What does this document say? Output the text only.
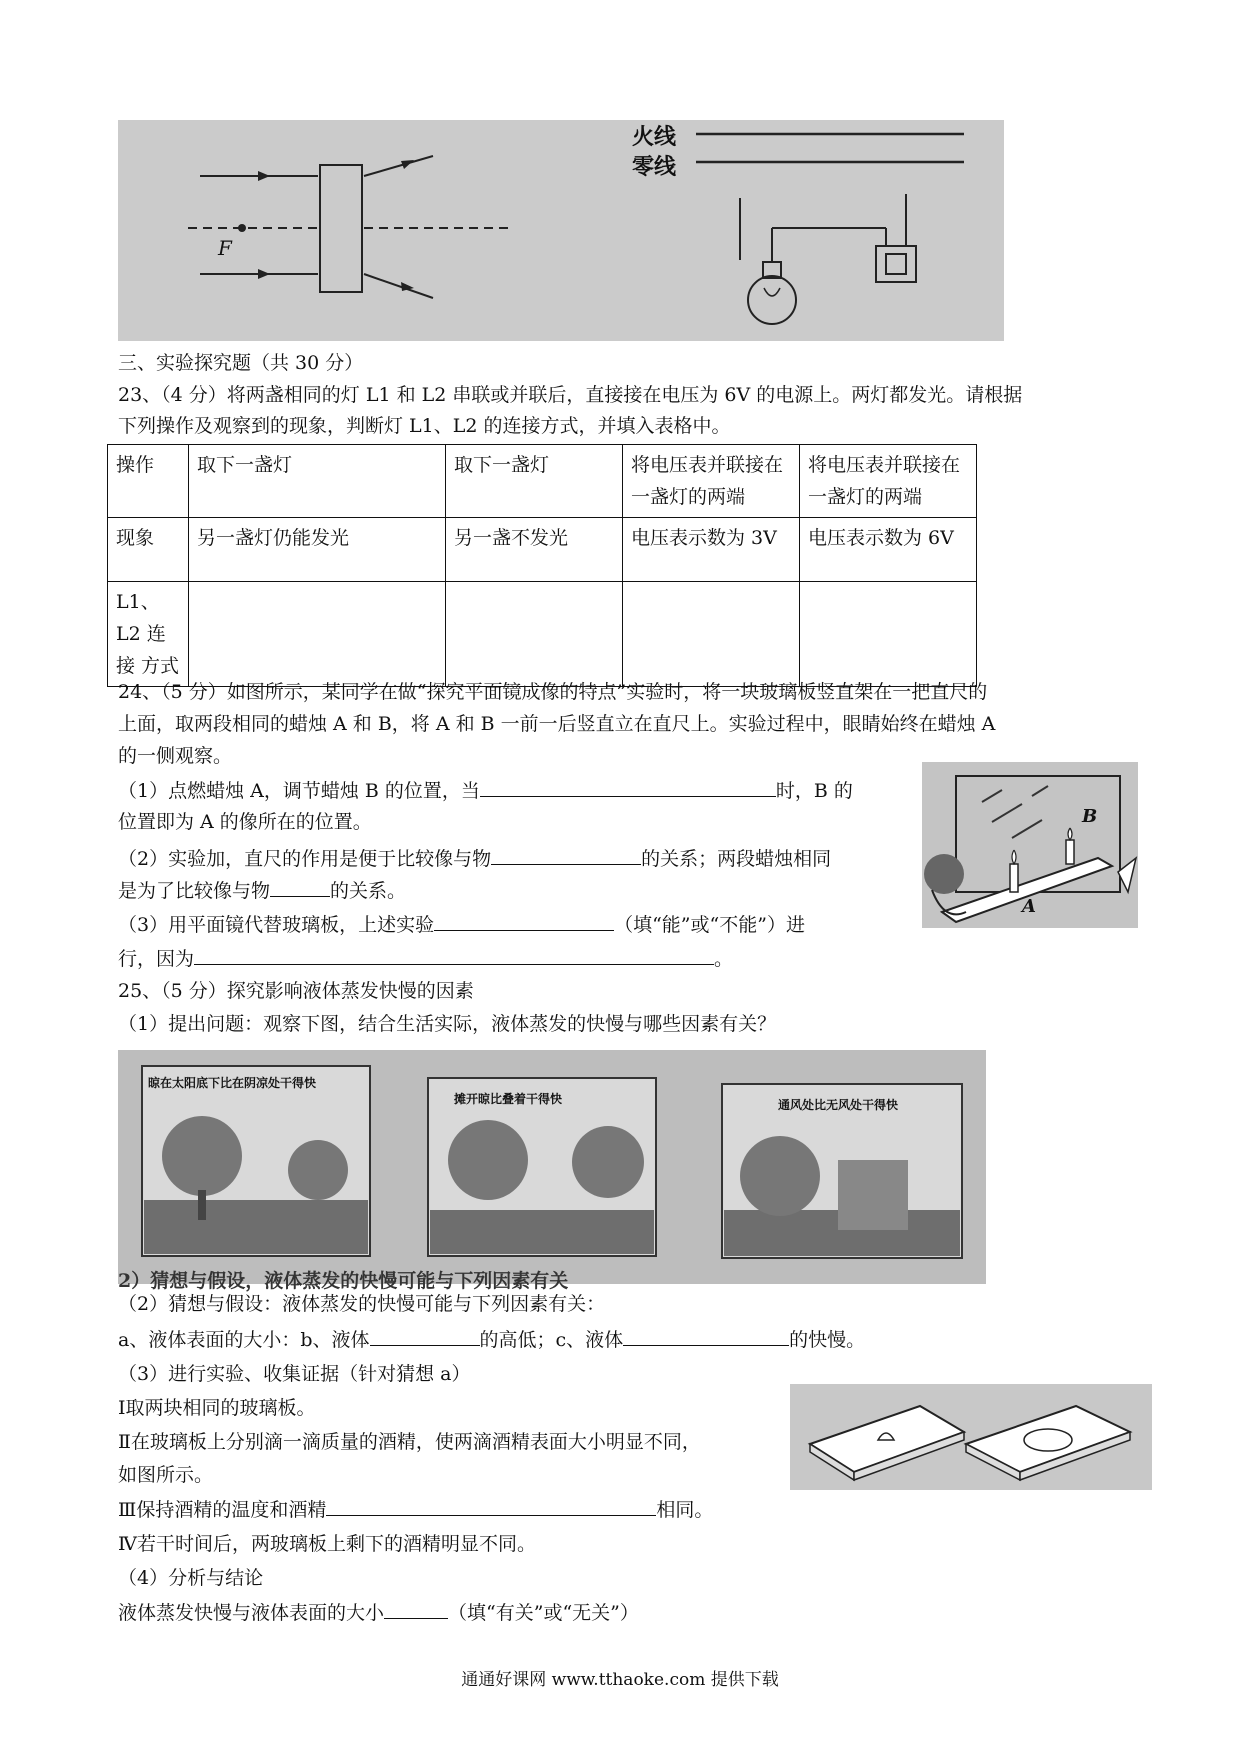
F
火线
零线
三、实验探究题（共 30 分）
23、（4 分）将两盏相同的灯 L1 和 L2 串联或并联后，直接接在电压为 6V 的电源上。两灯都发光。请根据
下列操作及观察到的现象，判断灯 L1、L2 的连接方式，并填入表格中。
操作	取下一盏灯	取下一盏灯	将电压表并联接在一盏灯的两端	将电压表并联接在一盏灯的两端
现象	另一盏灯仍能发光	另一盏不发光	电压表示数为 3V	电压表示数为 6V
L1、L2 连 接 方式				
24、（5 分）如图所示，某同学在做“探究平面镜成像的特点”实验时，将一块玻璃板竖直架在一把直尺的
上面，取两段相同的蜡烛 A 和 B，将 A 和 B 一前一后竖直立在直尺上。实验过程中，眼睛始终在蜡烛 A
的一侧观察。
（1）点燃蜡烛 A，调节蜡烛 B 的位置，当	时，B 的
位置即为 A 的像所在的位置。
（2）实验加，直尺的作用是便于比较像与物	的关系；两段蜡烛相同
是为了比较像与物	的关系。
（3）用平面镜代替玻璃板，上述实验	（填“能”或“不能”）进
行，因为	。
B
A
25、（5 分）探究影响液体蒸发快慢的因素
（1）提出问题：观察下图，结合生活实际，液体蒸发的快慢与哪些因素有关？
晾在太阳底下比在阴凉处干得快
摊开晾比叠着干得快	通风处比无风处干得快
2）猜想与假设，液体蒸发的快慢可能与下列因素有关
（2）猜想与假设：液体蒸发的快慢可能与下列因素有关：
a、液体表面的大小：b、液体	的高低；c、液体	的快慢。
（3）进行实验、收集证据（针对猜想 a）
Ⅰ取两块相同的玻璃板。
Ⅱ在玻璃板上分别滴一滴质量的酒精，使两滴酒精表面大小明显不同，
如图所示。
Ⅲ保持酒精的温度和酒精	相同。
Ⅳ若干时间后，两玻璃板上剩下的酒精明显不同。
（4）分析与结论
液体蒸发快慢与液体表面的大小	（填“有关”或“无关”）
通通好课网 www.tthaoke.com 提供下载
